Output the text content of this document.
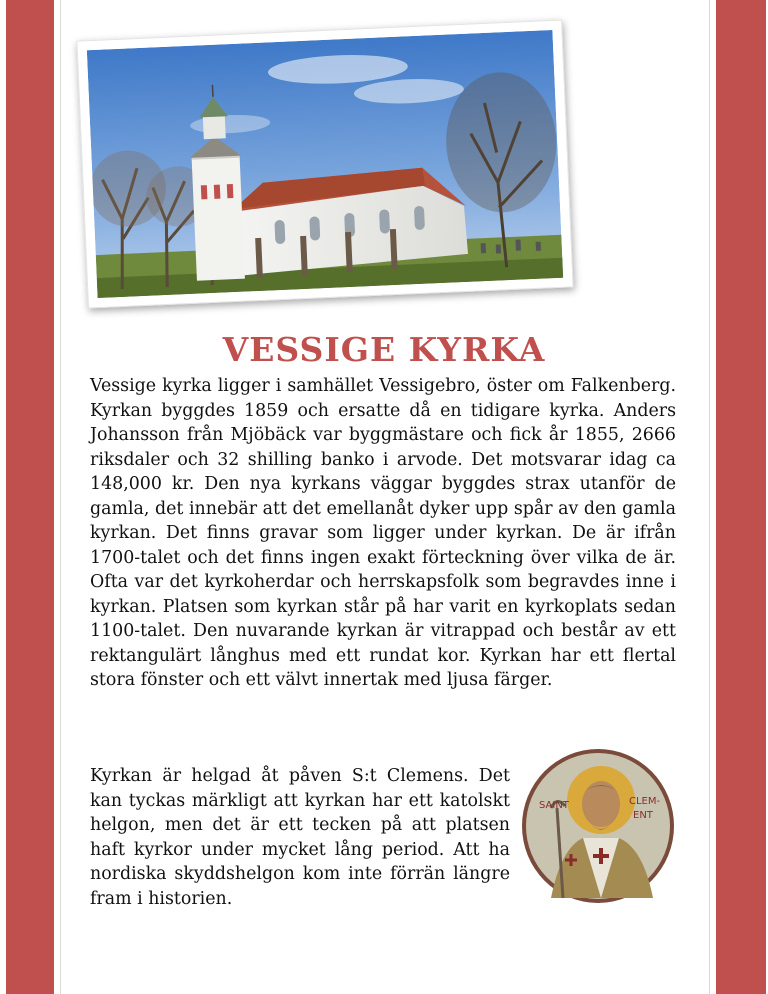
VESSIGE KYRKA

Vessige kyrka ligger i samhället Vessigebro, öster om Falkenberg. Kyrkan byggdes 1859 och ersatte då en tidigare kyrka. Anders Johansson från Mjöbäck var byggmästare och fick år 1855, 2666 riksdaler och 32 shilling banko i arvode. Det motsvarar idag ca 148,000 kr. Den nya kyrkans väggar byggdes strax utanför de gamla, det innebär att det emellanåt dyker upp spår av den gamla kyrkan. Det finns gravar som ligger under kyrkan. De är ifrån 1700-talet och det finns ingen exakt förteckning över vilka de är. Ofta var det kyrkoherdar och herrskapsfolk som begravdes inne i kyrkan. Platsen som kyrkan står på har varit en kyrkoplats sedan 1100-talet. Den nuvarande kyrkan är vitrappad och består av ett rektangulärt långhus med ett rundat kor. Kyrkan har ett flertal stora fönster och ett välvt innertak med ljusa färger.

Kyrkan är helgad åt påven S:t Clemens. Det kan tyckas märkligt att kyrkan har ett katolskt helgon, men det är ett tecken på att platsen haft kyrkor under mycket lång period. Att ha nordiska skyddshelgon kom inte förrän längre fram i historien.

SAINT	CLEM-
ENT
